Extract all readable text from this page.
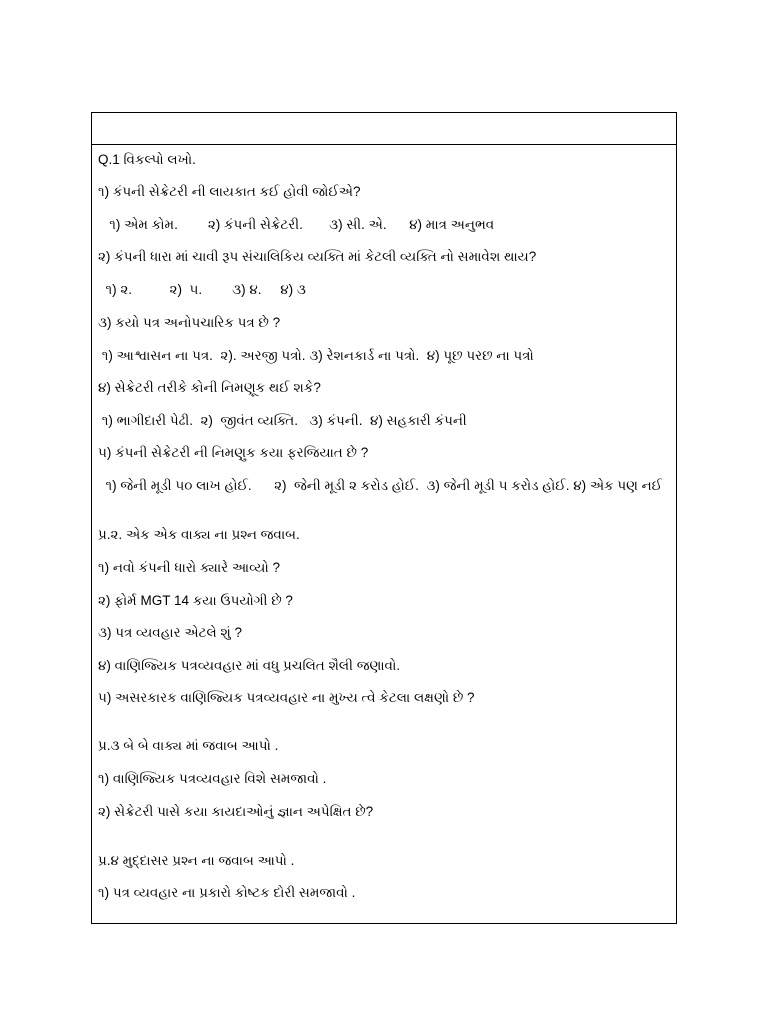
Q.1 વિકલ્પો લખો.
૧) કંપની સેક્રેટરી ની લાયકાત કઈ હોવી જોઈએ?
૧) એમ કોમ.        ૨) કંપની સેક્રેટરી.       ૩) સી. એ.      ૪) માત્ર અનુભવ
૨) કંપની ધારા માં ચાવી રૂપ સંચાલિકિય વ્યક્તિ માં કેટલી વ્યક્તિ નો સમાવેશ થાય?
૧) ૨.          ૨)  ૫.        ૩) ૪.     ૪) ૩
૩) કયો પત્ર અનોપચારિક પત્ર છે ?
૧) આશ્વાસન ના પત્ર.  ૨). અરજી પત્રો. ૩) રેશનકાર્ડ ના પત્રો.  ૪) પૂછ પરછ ના પત્રો
૪) સેક્રેટરી તરીકે કોની નિમણૂક થઈ શકે?
૧) ભાગીદારી પેઢી.  ૨)  જીવંત વ્યક્તિ.   ૩) કંપની.  ૪) સહકારી કંપની
૫) કંપની સેક્રેટરી ની નિમણુક કયા ફરજિયાત છે ?
૧) જેની મૂડી ૫૦ લાખ હોઈ.      ૨)  જેની મૂડી ૨ કરોડ હોઈ.  ૩) જેની મૂડી ૫ કરોડ હોઈ. ૪) એક પણ નઈ
પ્ર.૨. એક એક વાક્ય ના પ્રશ્ન જવાબ.
૧) નવો કંપની ધારો ક્યારે આવ્યો ?
૨) ફોર્મ MGT 14 કયા ઉપયોગી છે ?
૩) પત્ર વ્યવહાર એટલે શું ?
૪) વાણિજ્યિક પત્રવ્યવહાર માં વધુ પ્રચલિત શૈલી જણાવો.
૫) અસરકારક વાણિજ્યિક પત્રવ્યવહાર ના મુખ્ય ત્વે કેટલા લક્ષણો છે ?
પ્ર.૩ બે બે વાક્ય માં જવાબ આપો .
૧) વાણિજ્યિક પત્રવ્યવહાર વિશે સમજાવો .
૨) સેક્રેટરી પાસે કયા કાયદાઓનું જ્ઞાન અપેક્ષિત છે?
પ્ર.૪ મુદ્દાસર પ્રશ્ન ના જવાબ આપો .
૧) પત્ર વ્યવહાર ના પ્રકારો કોષ્ટક દોરી સમજાવો .
